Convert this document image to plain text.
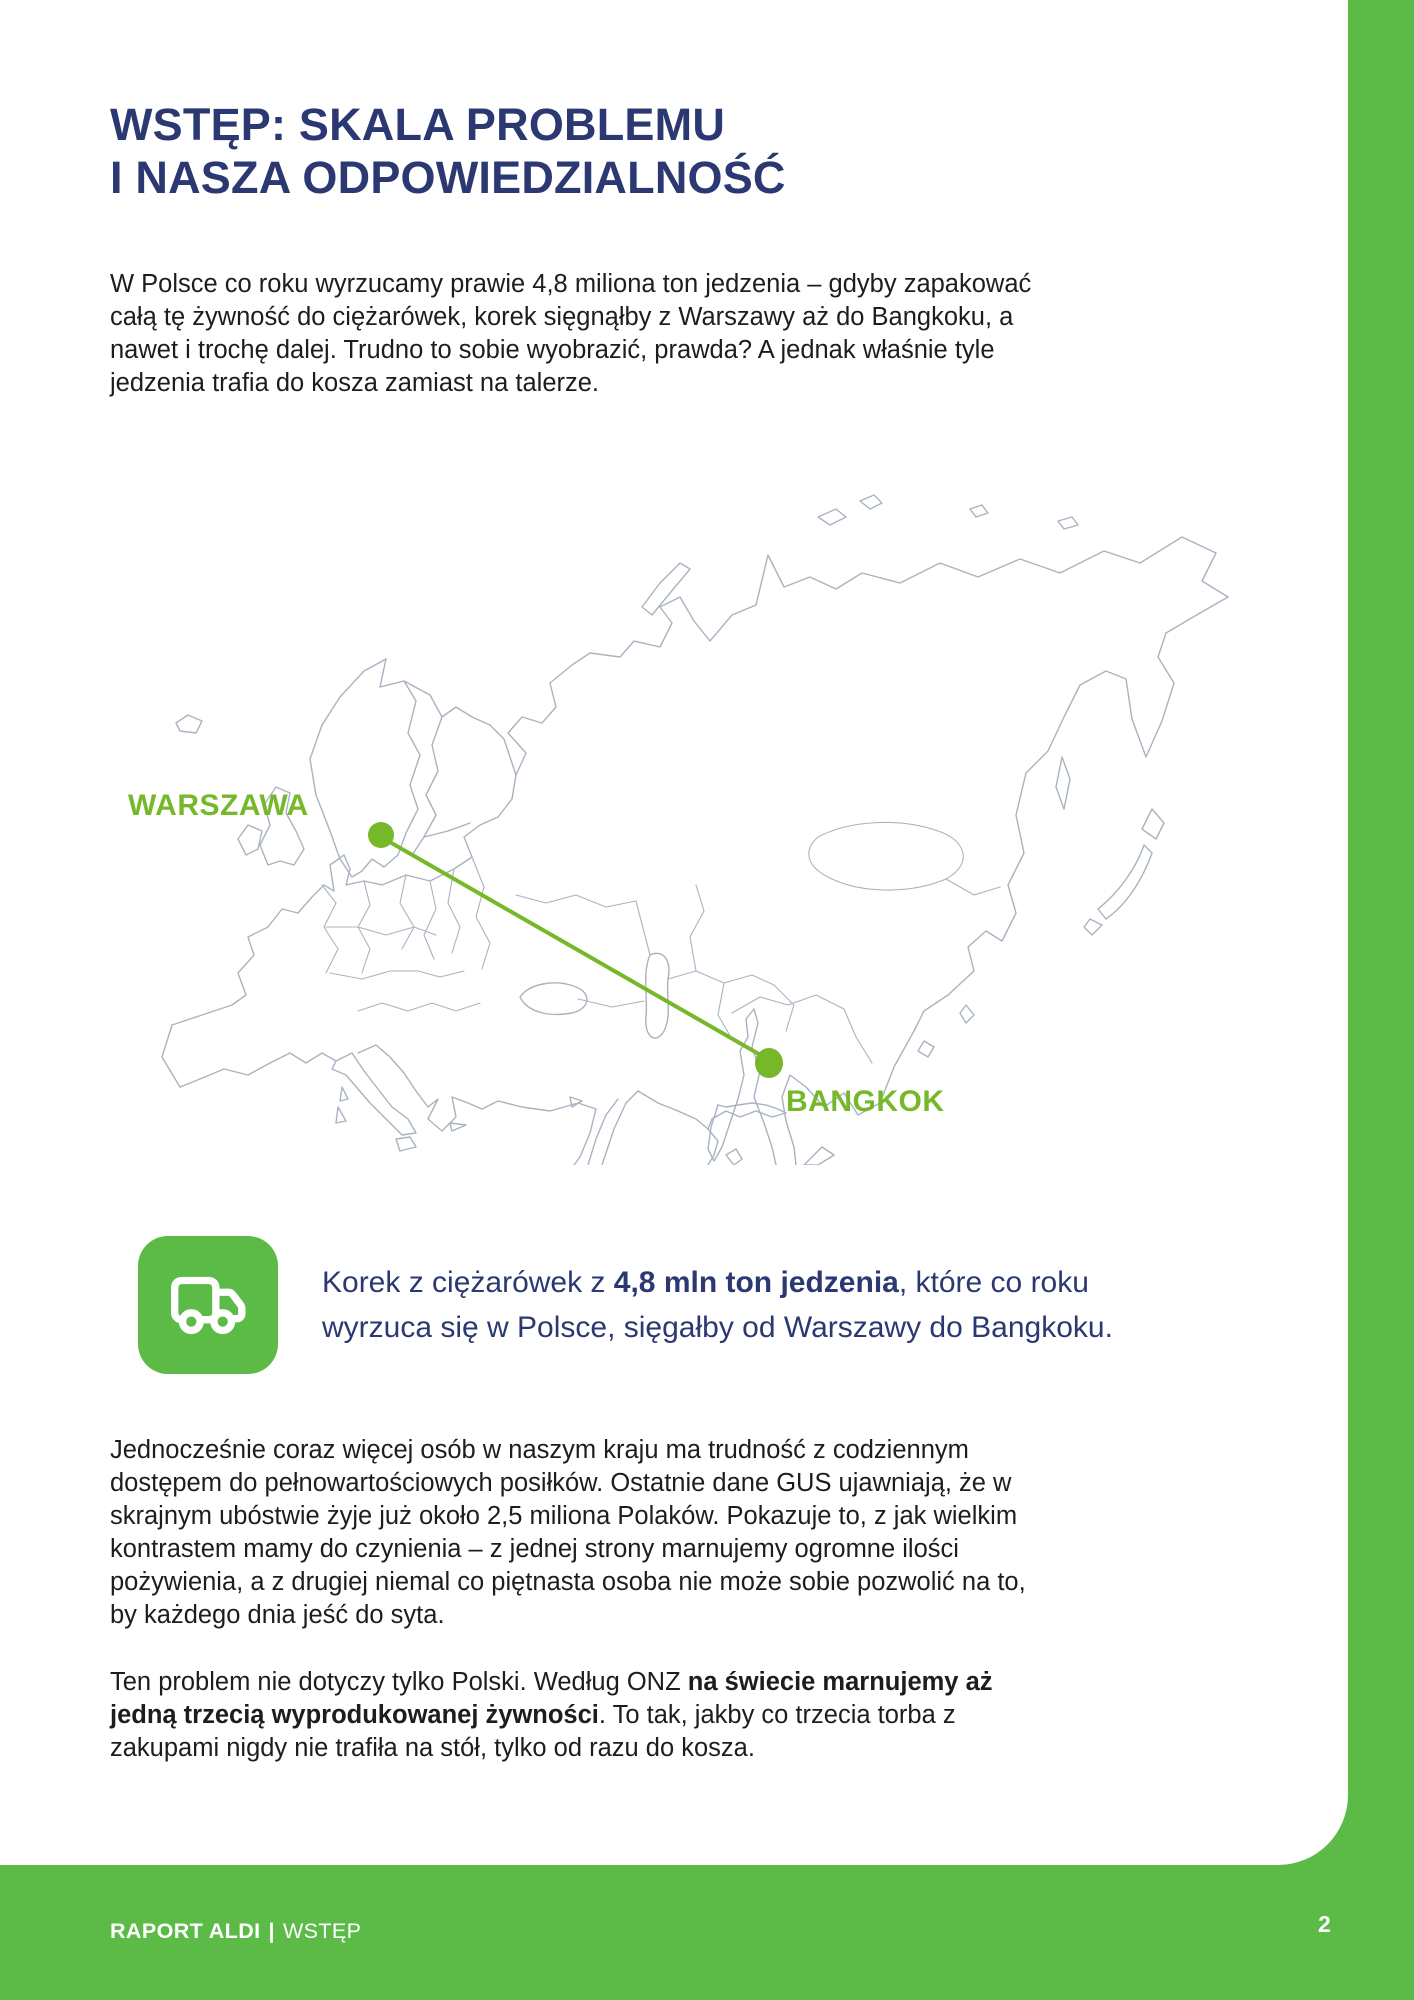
WSTĘP: SKALA PROBLEMU
I NASZA ODPOWIEDZIALNOŚĆ

W Polsce co roku wyrzucamy prawie 4,8 miliona ton jedzenia – gdyby zapakować całą tę żywność do ciężarówek, korek sięgnąłby z Warszawy aż do Bangkoku, a nawet i trochę dalej. Trudno to sobie wyobrazić, prawda? A jednak właśnie tyle jedzenia trafia do kosza zamiast na talerze.

WARSZAWA
BANGKOK

Korek z ciężarówek z 4,8 mln ton jedzenia, które co roku wyrzuca się w Polsce, sięgałby od Warszawy do Bangkoku.

Jednocześnie coraz więcej osób w naszym kraju ma trudność z codziennym dostępem do pełnowartościowych posiłków. Ostatnie dane GUS ujawniają, że w skrajnym ubóstwie żyje już około 2,5 miliona Polaków. Pokazuje to, z jak wielkim kontrastem mamy do czynienia – z jednej strony marnujemy ogromne ilości pożywienia, a z drugiej niemal co piętnasta osoba nie może sobie pozwolić na to, by każdego dnia jeść do syta.

Ten problem nie dotyczy tylko Polski. Według ONZ na świecie marnujemy aż jedną trzecią wyprodukowanej żywności. To tak, jakby co trzecia torba z zakupami nigdy nie trafiła na stół, tylko od razu do kosza.

RAPORT ALDI | WSTĘP	2
